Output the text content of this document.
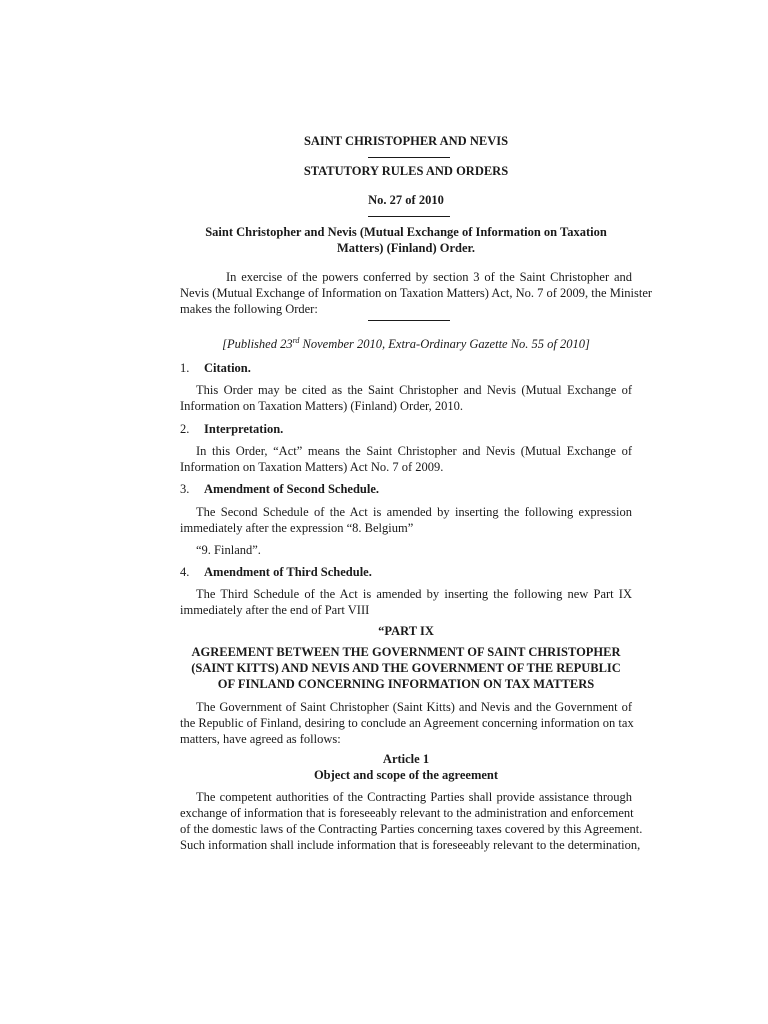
SAINT CHRISTOPHER AND NEVIS
STATUTORY RULES AND ORDERS
No. 27 of 2010
Saint Christopher and Nevis (Mutual Exchange of Information on Taxation
Matters) (Finland) Order.
In exercise of the powers conferred by section 3 of the Saint Christopher and
Nevis (Mutual Exchange of Information on Taxation Matters) Act, No. 7 of 2009, the Minister
makes the following Order:
[Published 23rd November 2010, Extra-Ordinary Gazette No. 55 of 2010]
1. Citation.
This Order may be cited as the Saint Christopher and Nevis (Mutual Exchange of
Information on Taxation Matters) (Finland) Order, 2010.
2. Interpretation.
In this Order, “Act” means the Saint Christopher and Nevis (Mutual Exchange of
Information on Taxation Matters) Act No. 7 of 2009.
3. Amendment of Second Schedule.
The Second Schedule of the Act is amended by inserting the following expression
immediately after the expression “8. Belgium”
“9. Finland”.
4. Amendment of Third Schedule.
The Third Schedule of the Act is amended by inserting the following new Part IX
immediately after the end of Part VIII
“PART IX
AGREEMENT BETWEEN THE GOVERNMENT OF SAINT CHRISTOPHER
(SAINT KITTS) AND NEVIS AND THE GOVERNMENT OF THE REPUBLIC
OF FINLAND CONCERNING INFORMATION ON TAX MATTERS
The Government of Saint Christopher (Saint Kitts) and Nevis and the Government of
the Republic of Finland, desiring to conclude an Agreement concerning information on tax
matters, have agreed as follows:
Article 1
Object and scope of the agreement
The competent authorities of the Contracting Parties shall provide assistance through
exchange of information that is foreseeably relevant to the administration and enforcement
of the domestic laws of the Contracting Parties concerning taxes covered by this Agreement.
Such information shall include information that is foreseeably relevant to the determination,
